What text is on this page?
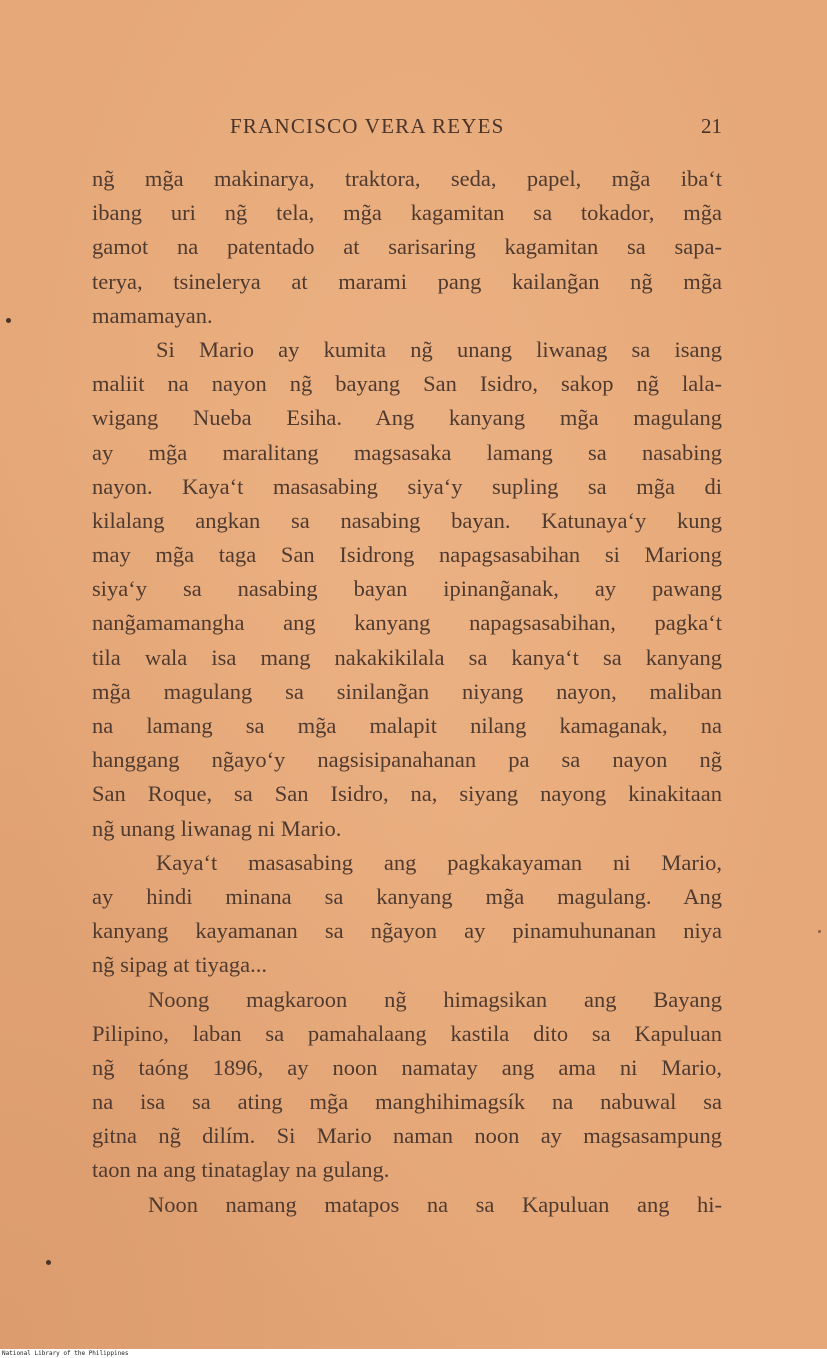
FRANCISCO VERA REYES	21
ng̃ mg̃a makinarya, traktora, seda, papel, mg̃a iba‘t
ibang uri ng̃ tela, mg̃a kagamitan sa tokador, mg̃a
gamot na patentado at sarisaring kagamitan sa sapa-
terya, tsinelerya at marami pang kailang̃an ng̃ mg̃a
mamamayan.
Si Mario ay kumita ng̃ unang liwanag sa isang
maliit na nayon ng̃ bayang San Isidro, sakop ng̃ lala-
wigang Nueba Esiha. Ang kanyang mg̃a magulang
ay mg̃a maralitang magsasaka lamang sa nasabing
nayon. Kaya‘t masasabing siya‘y supling sa mg̃a di
kilalang angkan sa nasabing bayan. Katunaya‘y kung
may mg̃a taga San Isidrong napagsasabihan si Mariong
siya‘y sa nasabing bayan ipinang̃anak, ay pawang
nang̃amamangha ang kanyang napagsasabihan, pagka‘t
tila wala isa mang nakakikilala sa kanya‘t sa kanyang
mg̃a magulang sa sinilang̃an niyang nayon, maliban
na lamang sa mg̃a malapit nilang kamaganak, na
hanggang ng̃ayo‘y nagsisipanahanan pa sa nayon ng̃
San Roque, sa San Isidro, na, siyang nayong kinakitaan
ng̃ unang liwanag ni Mario.
Kaya‘t masasabing ang pagkakayaman ni Mario,
ay hindi minana sa kanyang mg̃a magulang. Ang
kanyang kayamanan sa ng̃ayon ay pinamuhunanan niya
ng̃ sipag at tiyaga...
Noong magkaroon ng̃ himagsikan ang Bayang
Pilipino, laban sa pamahalaang kastila dito sa Kapuluan
ng̃ taóng 1896, ay noon namatay ang ama ni Mario,
na isa sa ating mg̃a manghihimagsík na nabuwal sa
gitna ng̃ dilím. Si Mario naman noon ay magsasampung
taon na ang tinataglay na gulang.
Noon namang matapos na sa Kapuluan ang hi-
National Library of the Philippines
